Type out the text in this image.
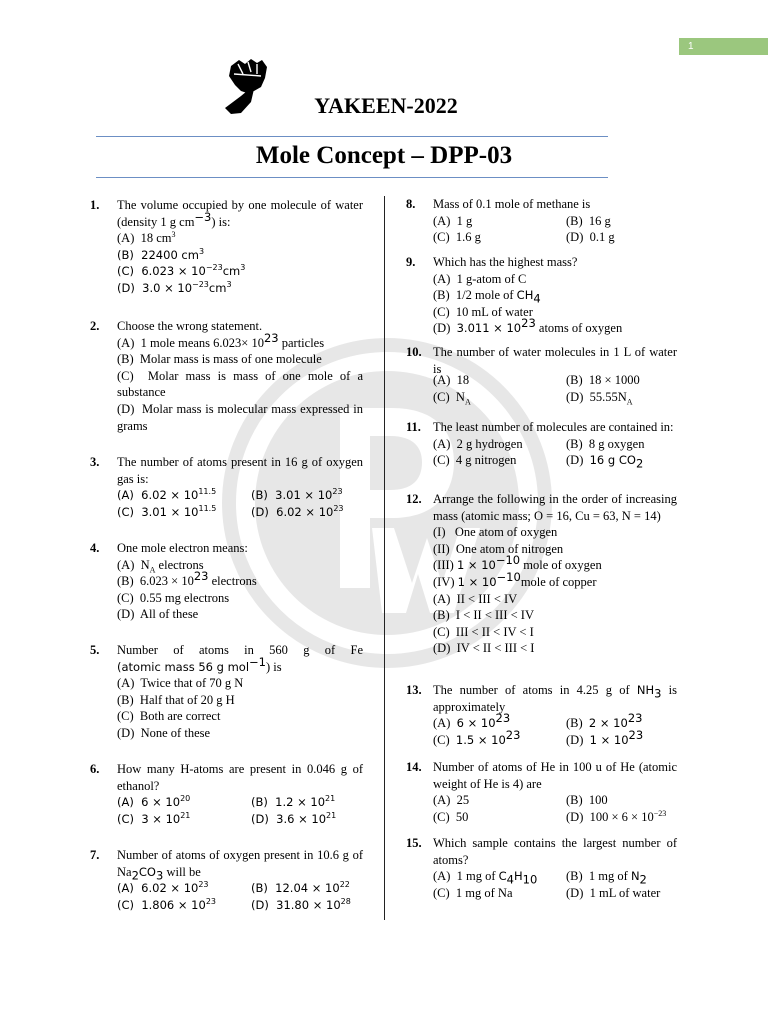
1
YAKEEN-2022
Mole Concept – DPP-03
1. The volume occupied by one molecule of water (density 1 g $cm^{-3}$) is:
(A)  18 $cm^3$
(B)  22400 $cm^3$
(C)  $6.023 \times 10^{-23}cm^3$
(D)  $3.0 \times 10^{-23}cm^3$
2. Choose the wrong statement.
(A)  1 mole means $6.023\times 10^{23}$ particles
(B)  Molar mass is mass of one molecule
(C)  Molar mass is mass of one mole of a substance
(D)  Molar mass is molecular mass expressed in grams
3. The number of atoms present in 16 g of oxygen gas is:
(A)  $6.02 \times 10^{11.5}$	(B)  $3.01 \times 10^{23}$
(C)  $3.01 \times 10^{11.5}$	(D)  $6.02 \times 10^{23}$
4. One mole electron means:
(A)  $N_A$ electrons
(B)  $6.023 \times 10^{23}$ electrons
(C)  0.55 mg electrons
(D)  All of these
5. Number of atoms in 560 g of Fe
(atomic mass 56 g mol$^{-1}$) is
(A)  Twice that of 70 g N
(B)  Half that of 20 g H
(C)  Both are correct
(D)  None of these
6. How many H-atoms are present in 0.046 g of ethanol?
(A)  $6 \times 10^{20}$	(B)  $1.2 \times 10^{21}$
(C)  $3 \times 10^{21}$	(D)  $3.6 \times 10^{21}$
7. Number of atoms of oxygen present in 10.6 g of $Na_2CO_3$ will be
(A)  $6.02 \times 10^{23}$	(B)  $12.04 \times 10^{22}$
(C)  $1.806 \times 10^{23}$	(D)  $31.80 \times 10^{28}$
8. Mass of 0.1 mole of methane is
(A)  1 g	(B)  16 g
(C)  1.6 g	(D)  0.1 g
9. Which has the highest mass?
(A)  1 g-atom of C
(B)  1/2 mole of $CH_4$
(C)  10 mL of water
(D)  $3.011 \times 10^{23}$ atoms of oxygen
10. The number of water molecules in 1 L of water is
(A)  18	(B)  18 × 1000
(C)  $N_A$	(D)  $55.55N_A$
11. The least number of molecules are contained in:
(A)  2 g hydrogen	(B)  8 g oxygen
(C)  4 g nitrogen	(D)  16 g $CO_2$
12. Arrange the following in the order of increasing mass (atomic mass; O = 16, Cu = 63, N = 14)
(I)   One atom of oxygen
(II)  One atom of nitrogen
(III) $1 \times 10^{-10}$ mole of oxygen
(IV) $1 \times 10^{-10}mole$ of copper
(A)  II < III < IV
(B)  I < II < III < IV
(C)  III < II < IV < I
(D)  IV < II < III < I
13. The number of atoms in 4.25 g of $NH_3$ is approximately
(A)  $6 \times 10^{23}$	(B)  $2 \times 10^{23}$
(C)  $1.5 \times 10^{23}$	(D)  $1 \times 10^{23}$
14. Number of atoms of He in 100 u of He (atomic weight of He is 4) are
(A)  25	(B)  100
(C)  50	(D)  $100 \times 6 \times 10^{-23}$
15. Which sample contains the largest number of atoms?
(A)  1 mg of $C_4H_{10}$ (B)  1 mg of $N_2$
(C)  1 mg of Na	(D)  1 mL of water
